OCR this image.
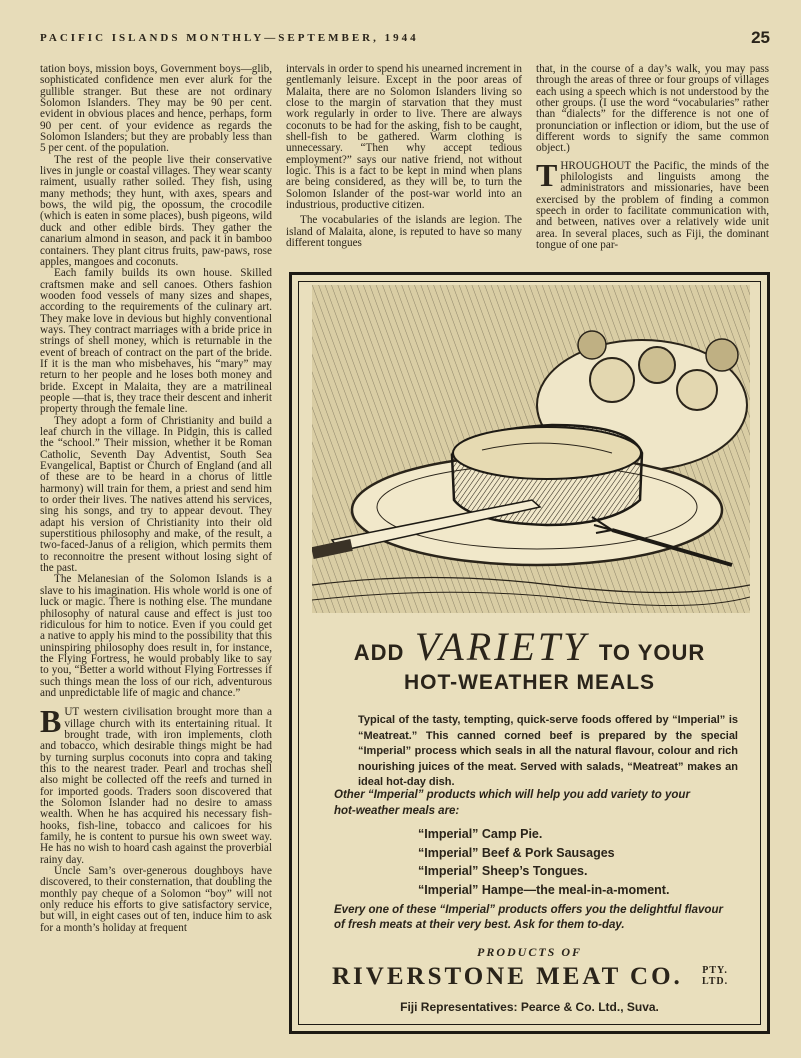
PACIFIC ISLANDS MONTHLY—SEPTEMBER, 1944	25

tation boys, mission boys, Government boys—glib, sophisticated confidence men ever alurk for the gullible stranger. But these are not ordinary Solomon Islanders. They may be 90 per cent. evident in obvious places and hence, perhaps, form 90 per cent. of your evidence as regards the Solomon Islanders; but they are probably less than 5 per cent. of the population.

The rest of the people live their conservative lives in jungle or coastal villages. They wear scanty raiment, usually rather soiled. They fish, using many methods; they hunt, with axes, spears and bows, the wild pig, the opossum, the crocodile (which is eaten in some places), bush pigeons, wild duck and other edible birds. They gather the canarium almond in season, and pack it in bamboo containers. They plant citrus fruits, paw-paws, rose apples, mangoes and coconuts.

Each family builds its own house. Skilled craftsmen make and sell canoes. Others fashion wooden food vessels of many sizes and shapes, according to the requirements of the culinary art. They make love in devious but highly conventional ways. They contract marriages with a bride price in strings of shell money, which is returnable in the event of breach of contract on the part of the bride. If it is the man who misbehaves, his “mary” may return to her people and he loses both money and bride. Except in Malaita, they are a matrilineal people —that is, they trace their descent and inherit property through the female line.

They adopt a form of Christianity and build a leaf church in the village. In Pidgin, this is called the “school.” Their mission, whether it be Roman Catholic, Seventh Day Adventist, South Sea Evangelical, Baptist or Church of England (and all of these are to be heard in a chorus of little harmony) will train for them, a priest and send him to order their lives. The natives attend his services, sing his songs, and try to appear devout. They adapt his version of Christianity into their old superstitious philosophy and make, of the result, a two-faced-Janus of a religion, which permits them to reconnoitre the present without losing sight of the past.

The Melanesian of the Solomon Islands is a slave to his imagination. His whole world is one of luck or magic. There is nothing else. The mundane philosophy of natural cause and effect is just too ridiculous for him to notice. Even if you could get a native to apply his mind to the possibility that this uninspiring philosophy does result in, for instance, the Flying Fortress, he would probably like to say to you, “Better a world without Flying Fortresses if such things mean the loss of our rich, adventurous and unpredictable life of magic and chance.”

BUT western civilisation brought more than a village church with its entertaining ritual. It brought trade, with iron implements, cloth and tobacco, which desirable things might be had by turning surplus coconuts into copra and taking this to the nearest trader. Pearl and trochas shell also might be collected off the reefs and turned in for imported goods. Traders soon discovered that the Solomon Islander had no desire to amass wealth. When he has acquired his necessary fish-hooks, fish-line, tobacco and calicoes for his family, he is content to pursue his own sweet way. He has no wish to hoard cash against the proverbial rainy day.

Uncle Sam’s over-generous doughboys have discovered, to their consternation, that doubling the monthly pay cheque of a Solomon “boy” will not only reduce his efforts to give satisfactory service, but will, in eight cases out of ten, induce him to ask for a month’s holiday at frequent

intervals in order to spend his unearned increment in gentlemanly leisure. Except in the poor areas of Malaita, there are no Solomon Islanders living so close to the margin of starvation that they must work regularly in order to live. There are always coconuts to be had for the asking, fish to be caught, shell-fish to be gathered. Warm clothing is unnecessary. “Then why accept tedious employment?” says our native friend, not without logic. This is a fact to be kept in mind when plans are being considered, as they will be, to turn the Solomon Islander of the post-war world into an industrious, productive citizen.

The vocabularies of the islands are legion. The island of Malaita, alone, is reputed to have so many different tongues

that, in the course of a day’s walk, you may pass through the areas of three or four groups of villages each using a speech which is not understood by the other groups. (I use the word “vocabularies” rather than “dialects” for the difference is not one of pronunciation or inflection or idiom, but the use of different words to signify the same common object.)

THROUGHOUT the Pacific, the minds of the philologists and linguists among the administrators and missionaries, have been exercised by the problem of finding a common speech in order to facilitate communication with, and between, natives over a relatively wide unit area. In several places, such as Fiji, the dominant tongue of one par-

ADD VARIETY TO YOUR
HOT-WEATHER MEALS
Typical of the tasty, tempting, quick-serve foods offered by “Imperial” is “Meatreat.” This canned corned beef is prepared by the special “Imperial” process which seals in all the natural flavour, colour and rich nourishing juices of the meat. Served with salads, “Meatreat” makes an ideal hot-day dish.
Other “Imperial” products which will help you add variety to your hot-weather meals are:
“Imperial” Camp Pie.
“Imperial” Beef & Pork Sausages
“Imperial” Sheep’s Tongues.
“Imperial” Hampe—the meal-in-a-moment.
Every one of these “Imperial” products offers you the delightful flavour of fresh meats at their very best. Ask for them to-day.
PRODUCTS OF
RIVERSTONE MEAT CO. PTY.
LTD.
Fiji Representatives: Pearce & Co. Ltd., Suva.
